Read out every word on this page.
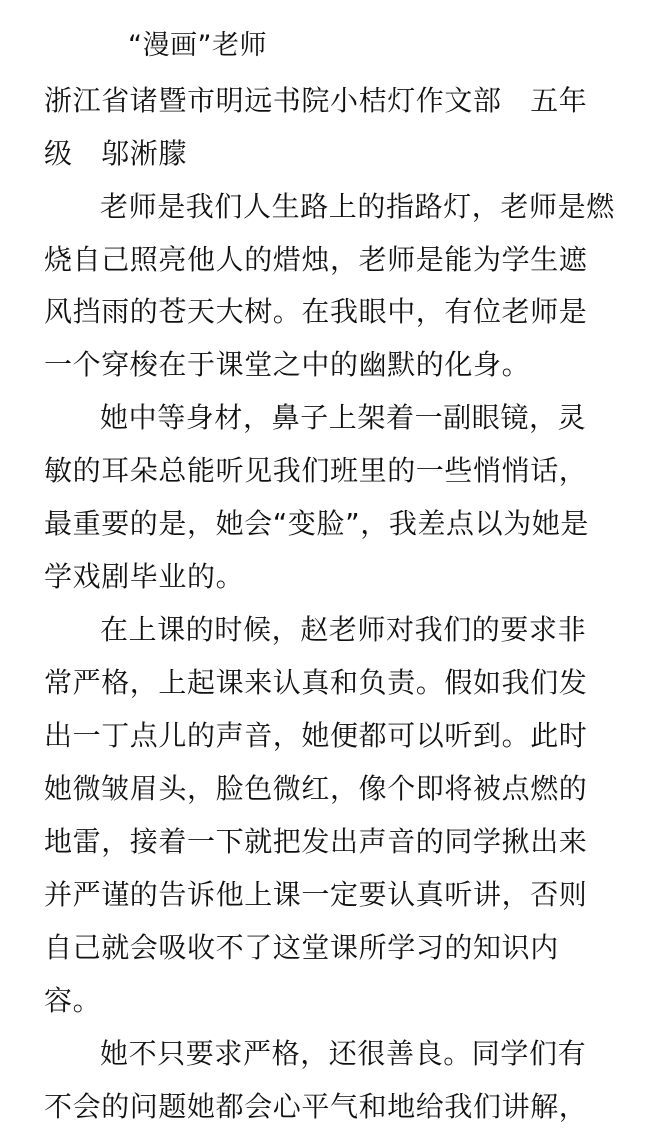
“漫画”老师
浙江省诸暨市明远书院小桔灯作文部　五年
级　邬淅朦
老师是我们人生路上的指路灯，老师是燃
烧自己照亮他人的焟烛，老师是能为学生遮
风挡雨的苍天大树。在我眼中，有位老师是
一个穿梭在于课堂之中的幽默的化身。
她中等身材，鼻子上架着一副眼镜，灵
敏的耳朵总能听见我们班里的一些悄悄话，
最重要的是，她会“变脸”，我差点以为她是
学戏剧毕业的。
在上课的时候，赵老师对我们的要求非
常严格，上起课来认真和负责。假如我们发
出一丁点儿的声音，她便都可以听到。此时
她微皱眉头，脸色微红，像个即将被点燃的
地雷，接着一下就把发出声音的同学揪出来
并严谨的告诉他上课一定要认真听讲，否则
自己就会吸收不了这堂课所学习的知识内
容。
她不只要求严格，还很善良。同学们有
不会的问题她都会心平气和地给我们讲解，
